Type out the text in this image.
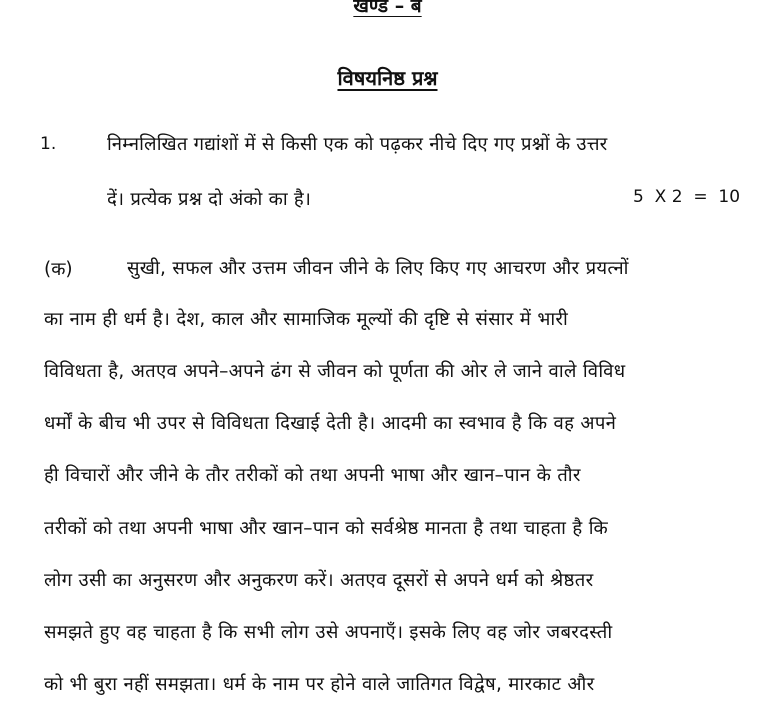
खण्ड – ब
विषयनिष्ठ प्रश्न
1.	निम्नलिखित गद्यांशों में से किसी एक को पढ़कर नीचे दिए गए प्रश्नों के उत्तर
दें। प्रत्येक प्रश्न दो अंको का है।	5 X 2 = 10
(क)	सुखी, सफल और उत्तम जीवन जीने के लिए किए गए आचरण और प्रयत्नों
का नाम ही धर्म है। देश, काल और सामाजिक मूल्यों की दृष्टि से संसार में भारी
विविधता है, अतएव अपने–अपने ढंग से जीवन को पूर्णता की ओर ले जाने वाले विविध
धर्मों के बीच भी उपर से विविधता दिखाई देती है। आदमी का स्वभाव है कि वह अपने
ही विचारों और जीने के तौर तरीकों को तथा अपनी भाषा और खान–पान के तौर
तरीकों को तथा अपनी भाषा और खान–पान को सर्वश्रेष्ठ मानता है तथा चाहता है कि
लोग उसी का अनुसरण और अनुकरण करें। अतएव दूसरों से अपने धर्म को श्रेष्ठतर
समझते हुए वह चाहता है कि सभी लोग उसे अपनाएँ। इसके लिए वह जोर जबरदस्ती
को भी बुरा नहीं समझता। धर्म के नाम पर होने वाले जातिगत विद्वेष, मारकाट और
